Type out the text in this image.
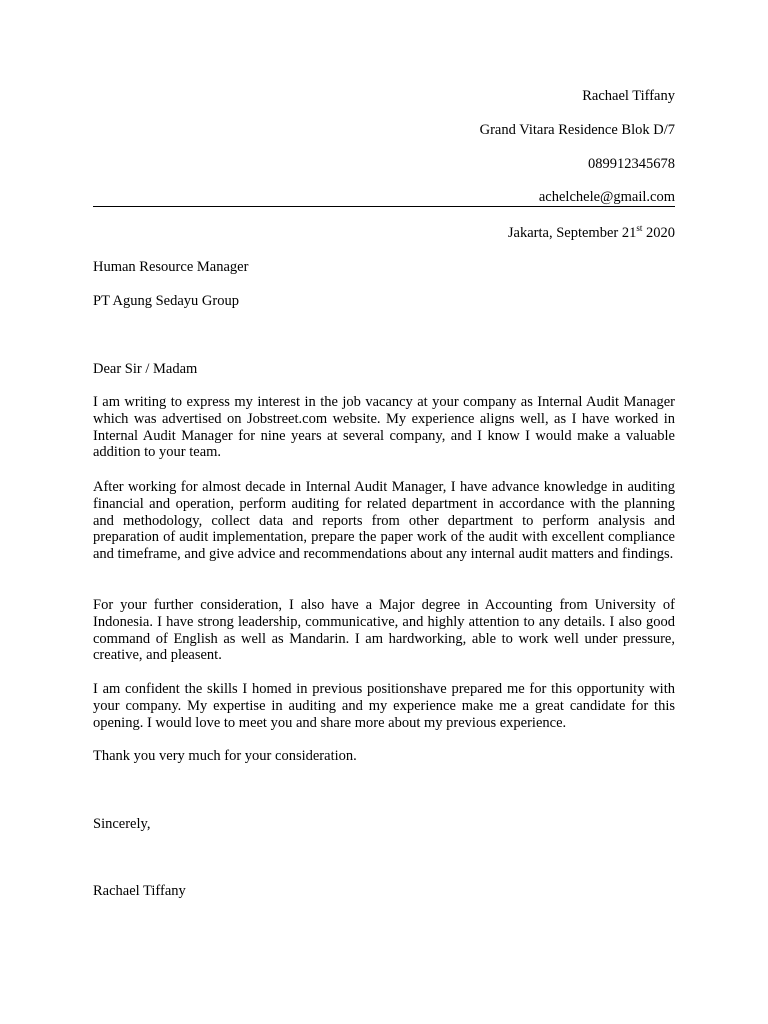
Rachael Tiffany
Grand Vitara Residence Blok D/7
089912345678
achelchele@gmail.com
Jakarta, September 21st 2020
Human Resource Manager
PT Agung Sedayu Group
Dear Sir / Madam
I am writing to express my interest in the job vacancy at your company as Internal Audit Manager which was advertised on Jobstreet.com website. My experience aligns well, as I have worked in Internal Audit Manager for nine years at several company, and I know I would make a valuable addition to your team.
After working for almost decade in Internal Audit Manager, I have advance knowledge in auditing financial and operation, perform auditing for related department in accordance with the planning and methodology, collect data and reports from other department to perform analysis and preparation of audit implementation, prepare the paper work of the audit with excellent compliance and timeframe, and give advice and recommendations about any internal audit matters and findings.
For your further consideration, I also have a Major degree in Accounting from University of Indonesia. I have strong leadership, communicative, and highly attention to any details. I also good command of English as well as Mandarin. I am hardworking, able to work well under pressure, creative, and pleasent.
I am confident the skills I homed in previous positionshave prepared me for this opportunity with your company. My expertise in auditing and my experience make me a great candidate for this opening. I would love to meet you and share more about my previous experience.
Thank you very much for your consideration.
Sincerely,
Rachael Tiffany
